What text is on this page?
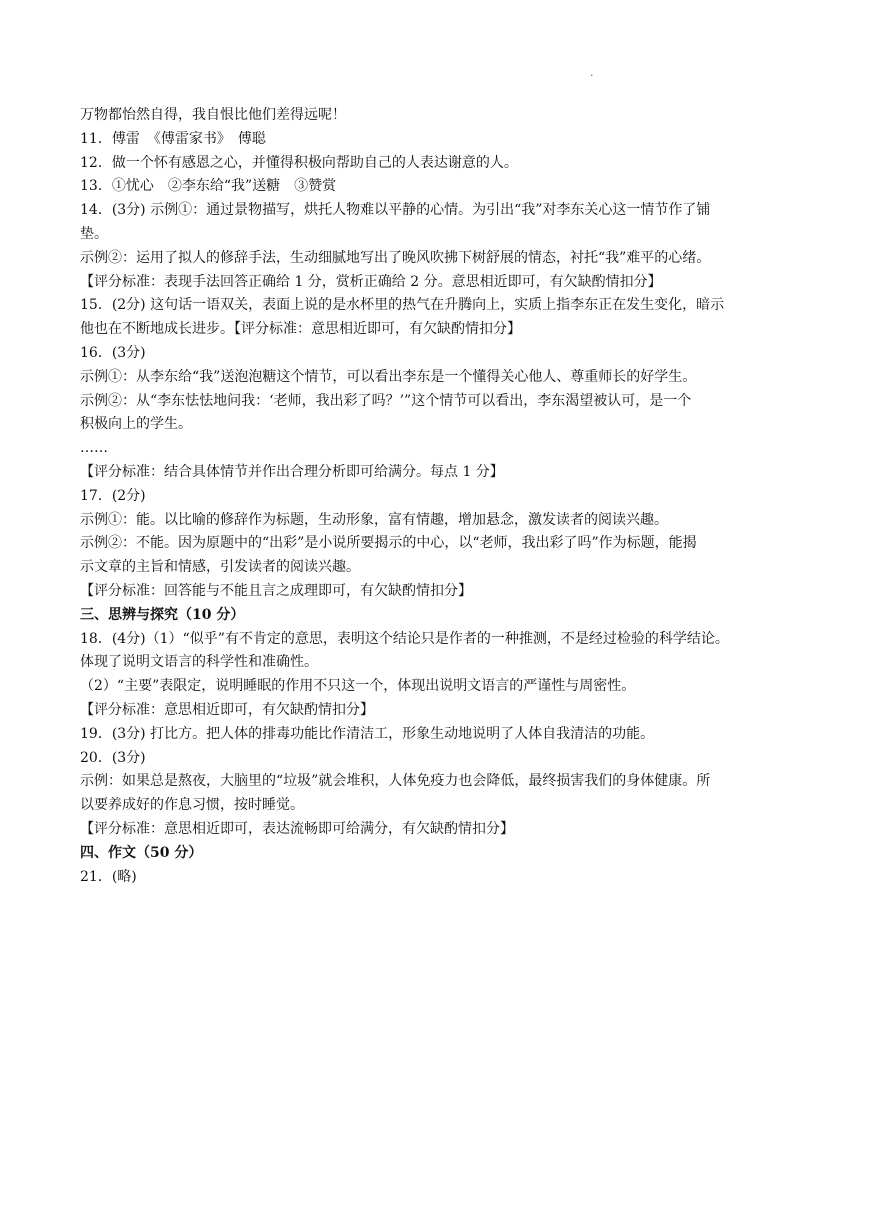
.
万物都怡然自得，我自恨比他们差得远呢！
11．傅雷　《傅雷家书》　傅聪
12．做一个怀有感恩之心，并懂得积极向帮助自己的人表达谢意的人。
13．①忧心　②李东给“我”送糖　③赞赏
14．(3分) 示例①：通过景物描写，烘托人物难以平静的心情。为引出“我”对李东关心这一情节作了铺
垫。
示例②：运用了拟人的修辞手法，生动细腻地写出了晚风吹拂下树舒展的情态，衬托“我”难平的心绪。
【评分标准：表现手法回答正确给 1 分，赏析正确给 2 分。意思相近即可，有欠缺酌情扣分】
15．(2分) 这句话一语双关，表面上说的是水杯里的热气在升腾向上，实质上指李东正在发生变化，暗示
他也在不断地成长进步。【评分标准：意思相近即可，有欠缺酌情扣分】
16．(3分)
示例①：从李东给“我”送泡泡糖这个情节，可以看出李东是一个懂得关心他人、尊重师长的好学生。
示例②：从“李东怯怯地问我：‘老师，我出彩了吗？’”这个情节可以看出，李东渴望被认可，是一个
积极向上的学生。
……
【评分标准：结合具体情节并作出合理分析即可给满分。每点 1 分】
17．(2分)
示例①：能。以比喻的修辞作为标题，生动形象，富有情趣，增加悬念，激发读者的阅读兴趣。
示例②：不能。因为原题中的“出彩”是小说所要揭示的中心，以“老师，我出彩了吗”作为标题，能揭
示文章的主旨和情感，引发读者的阅读兴趣。
【评分标准：回答能与不能且言之成理即可，有欠缺酌情扣分】
三、思辨与探究（10 分）
18．(4分)（1）“似乎”有不肯定的意思，表明这个结论只是作者的一种推测，不是经过检验的科学结论。
体现了说明文语言的科学性和准确性。
（2）“主要”表限定，说明睡眠的作用不只这一个，体现出说明文语言的严谨性与周密性。
【评分标准：意思相近即可，有欠缺酌情扣分】
19．(3分) 打比方。把人体的排毒功能比作清洁工，形象生动地说明了人体自我清洁的功能。
20．(3分)
示例：如果总是熬夜，大脑里的“垃圾”就会堆积，人体免疫力也会降低，最终损害我们的身体健康。所
以要养成好的作息习惯，按时睡觉。
【评分标准：意思相近即可，表达流畅即可给满分，有欠缺酌情扣分】
四、作文（50 分）
21．(略)
